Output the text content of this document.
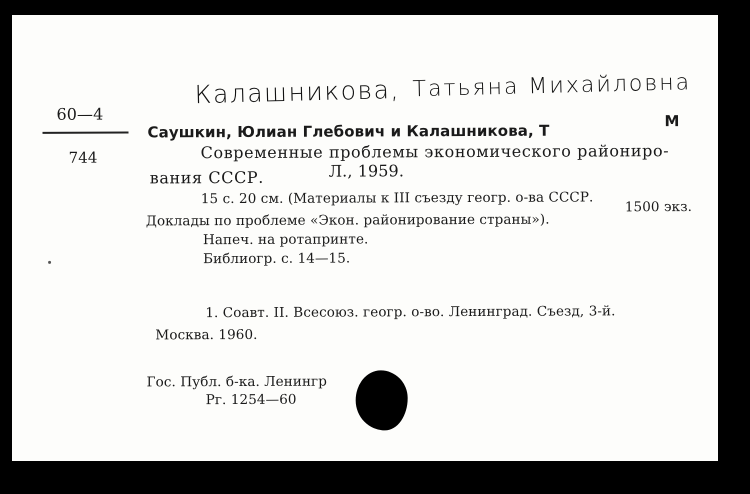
Калашникова, Татьяна Михайловна
60—4
744
Саушкин, Юлиан Глебович и Калашникова, Т
М
Современные проблемы экономического райониро-
вания СССР.	Л., 1959.
15 с. 20 см. (Материалы к III съезду геогр. о-ва СССР.
Доклады по проблеме «Экон. районирование страны»).
1500 экз.
Напеч. на ротапринте.
Библиогр. с. 14—15.
1. Соавт. II. Всесоюз. геогр. о-во. Ленинград. Съезд, 3-й.
Москва. 1960.
Гос. Публ. б-ка. Ленингр
Рг. 1254—60
